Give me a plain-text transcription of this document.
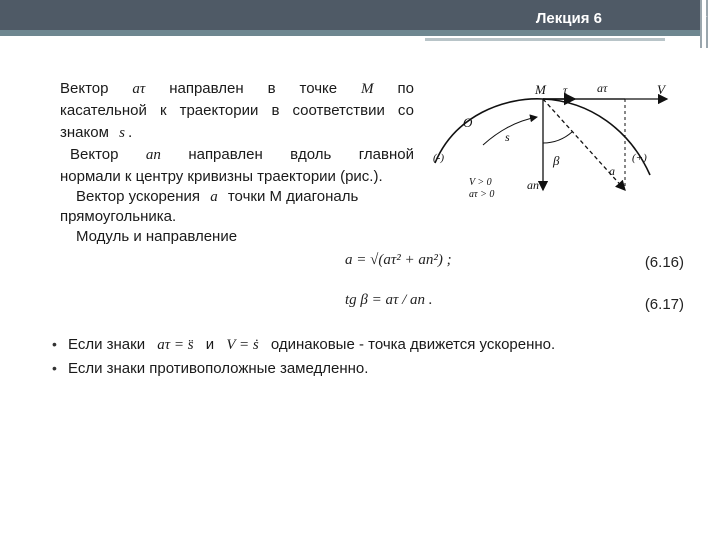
Лекция 6	12
Вектор aτ направлен в точке M по
касательной к траектории в соответствии со
знаком s .
Вектор an направлен вдоль главной
нормали к центру кривизны траектории (рис.).
Вектор ускорения a точки M диагональ
прямоугольника.
Модуль и направление
a = √(aτ² + an²) ;	(6.16)
tg β = aτ / an .	(6.17)
• Если знаки aτ = s̈ и V = ṡ одинаковые - точка движется ускоренно.
• Если знаки противоположные замедленно.
M τ aτ	V
O
s
β
(-)	(+)
an
a
V > 0
aτ > 0
